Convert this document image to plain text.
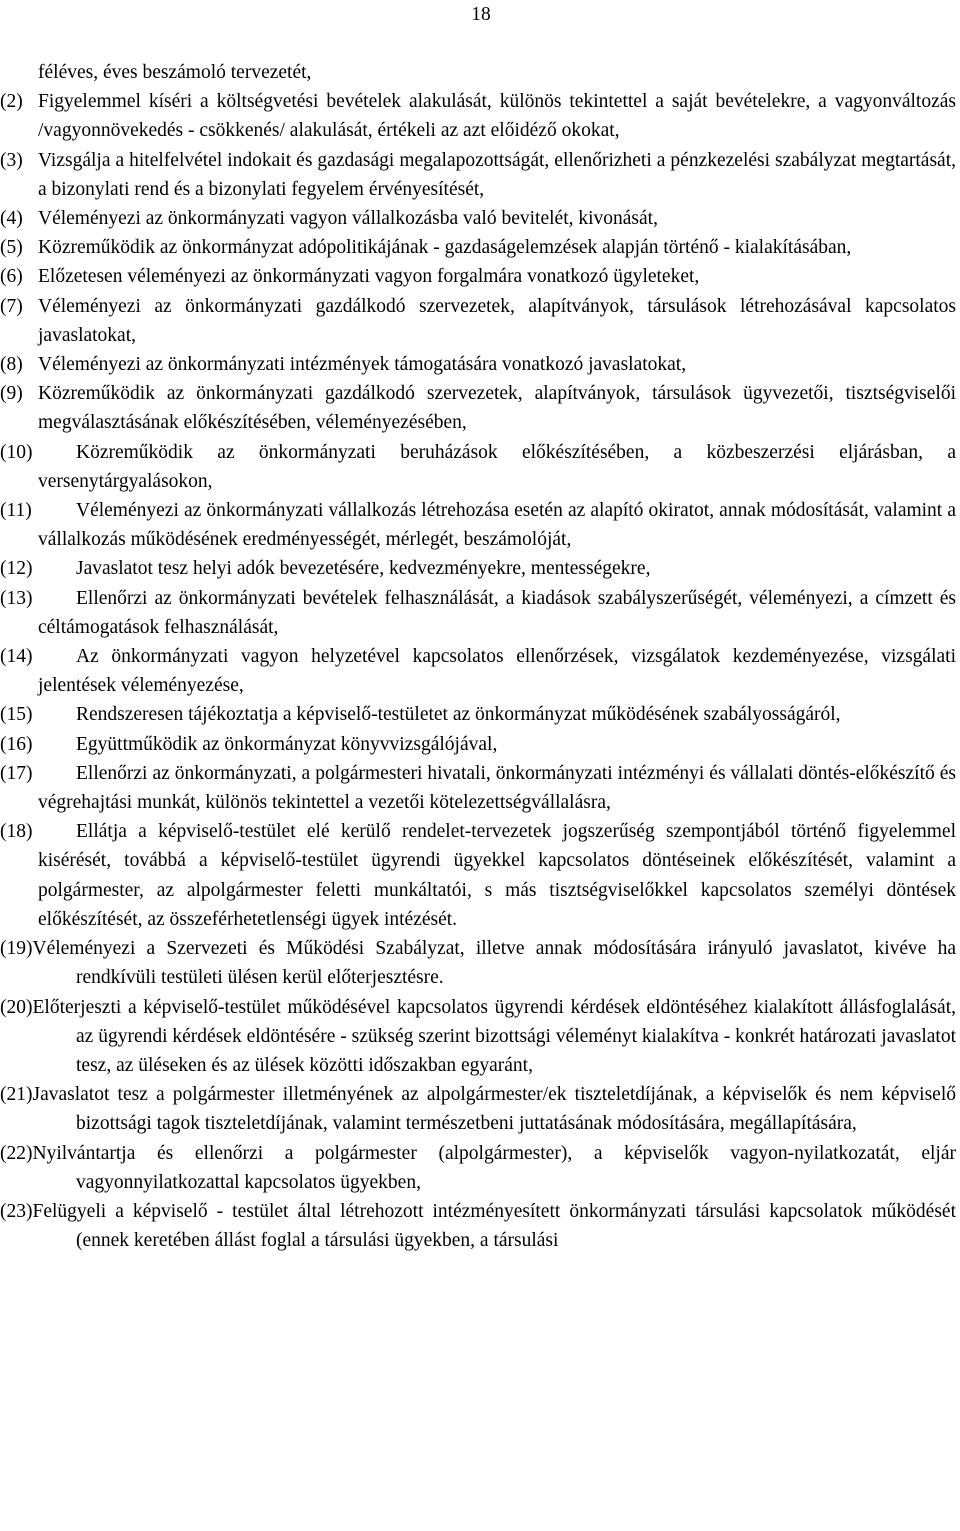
18
féléves, éves beszámoló tervezetét,
(2) Figyelemmel kíséri a költségvetési bevételek alakulását, különös tekintettel a saját bevételekre, a vagyonváltozás /vagyonnövekedés - csökkenés/ alakulását, értékeli az azt előidéző okokat,
(3) Vizsgálja a hitelfelvétel indokait és gazdasági megalapozottságát, ellenőrizheti a pénzkezelési szabályzat megtartását, a bizonylati rend és a bizonylati fegyelem érvényesítését,
(4) Véleményezi az önkormányzati vagyon vállalkozásba való bevitelét, kivonását,
(5) Közreműködik az önkormányzat adópolitikájának - gazdaságelemzések alapján történő - kialakításában,
(6) Előzetesen véleményezi az önkormányzati vagyon forgalmára vonatkozó ügyleteket,
(7) Véleményezi az önkormányzati gazdálkodó szervezetek, alapítványok, társulások létrehozásával kapcsolatos javaslatokat,
(8) Véleményezi az önkormányzati intézmények támogatására vonatkozó javaslatokat,
(9) Közreműködik az önkormányzati gazdálkodó szervezetek, alapítványok, társulások ügyvezetői, tisztségviselői megválasztásának előkészítésében, véleményezésében,
(10) Közreműködik az önkormányzati beruházások előkészítésében, a közbeszerzési eljárásban, a versenytárgyalásokon,
(11) Véleményezi az önkormányzati vállalkozás létrehozása esetén az alapító okiratot, annak módosítását, valamint a vállalkozás működésének eredményességét, mérlegét, beszámolóját,
(12) Javaslatot tesz helyi adók bevezetésére, kedvezményekre, mentességekre,
(13) Ellenőrzi az önkormányzati bevételek felhasználását, a kiadások szabályszerűségét, véleményezi, a címzett és céltámogatások felhasználását,
(14) Az önkormányzati vagyon helyzetével kapcsolatos ellenőrzések, vizsgálatok kezdeményezése, vizsgálati jelentések véleményezése,
(15) Rendszeresen tájékoztatja a képviselő-testületet az önkormányzat működésének szabályosságáról,
(16) Együttműködik az önkormányzat könyvvizsgálójával,
(17) Ellenőrzi az önkormányzati, a polgármesteri hivatali, önkormányzati intézményi és vállalati döntés-előkészítő és végrehajtási munkát, különös tekintettel a vezetői kötelezettségvállalásra,
(18) Ellátja a képviselő-testület elé kerülő rendelet-tervezetek jogszerűség szempontjából történő figyelemmel kisérését, továbbá a képviselő-testület ügyrendi ügyekkel kapcsolatos döntéseinek előkészítését, valamint a polgármester, az alpolgármester feletti munkáltatói, s más tisztségviselőkkel kapcsolatos személyi döntések előkészítését, az összeférhetetlenségi ügyek intézését.
(19)Véleményezi a Szervezeti és Működési Szabályzat, illetve annak módosítására irányuló javaslatot, kivéve ha rendkívüli testületi ülésen kerül előterjesztésre.
(20)Előterjeszti a képviselő-testület működésével kapcsolatos ügyrendi kérdések eldöntéséhez kialakított állásfoglalását, az ügyrendi kérdések eldöntésére - szükség szerint bizottsági véleményt kialakítva - konkrét határozati javaslatot tesz, az üléseken és az ülések közötti időszakban egyaránt,
(21)Javaslatot tesz a polgármester illetményének az alpolgármester/ek tiszteletdíjának, a képviselők és nem képviselő bizottsági tagok tiszteletdíjának, valamint természetbeni juttatásának módosítására, megállapítására,
(22)Nyilvántartja és ellenőrzi a polgármester (alpolgármester), a képviselők vagyon-nyilatkozatát, eljár vagyonnyilatkozattal kapcsolatos ügyekben,
(23)Felügyeli a képviselő - testület által létrehozott intézményesített önkormányzati társulási kapcsolatok működését (ennek keretében állást foglal a társulási ügyekben, a társulási
